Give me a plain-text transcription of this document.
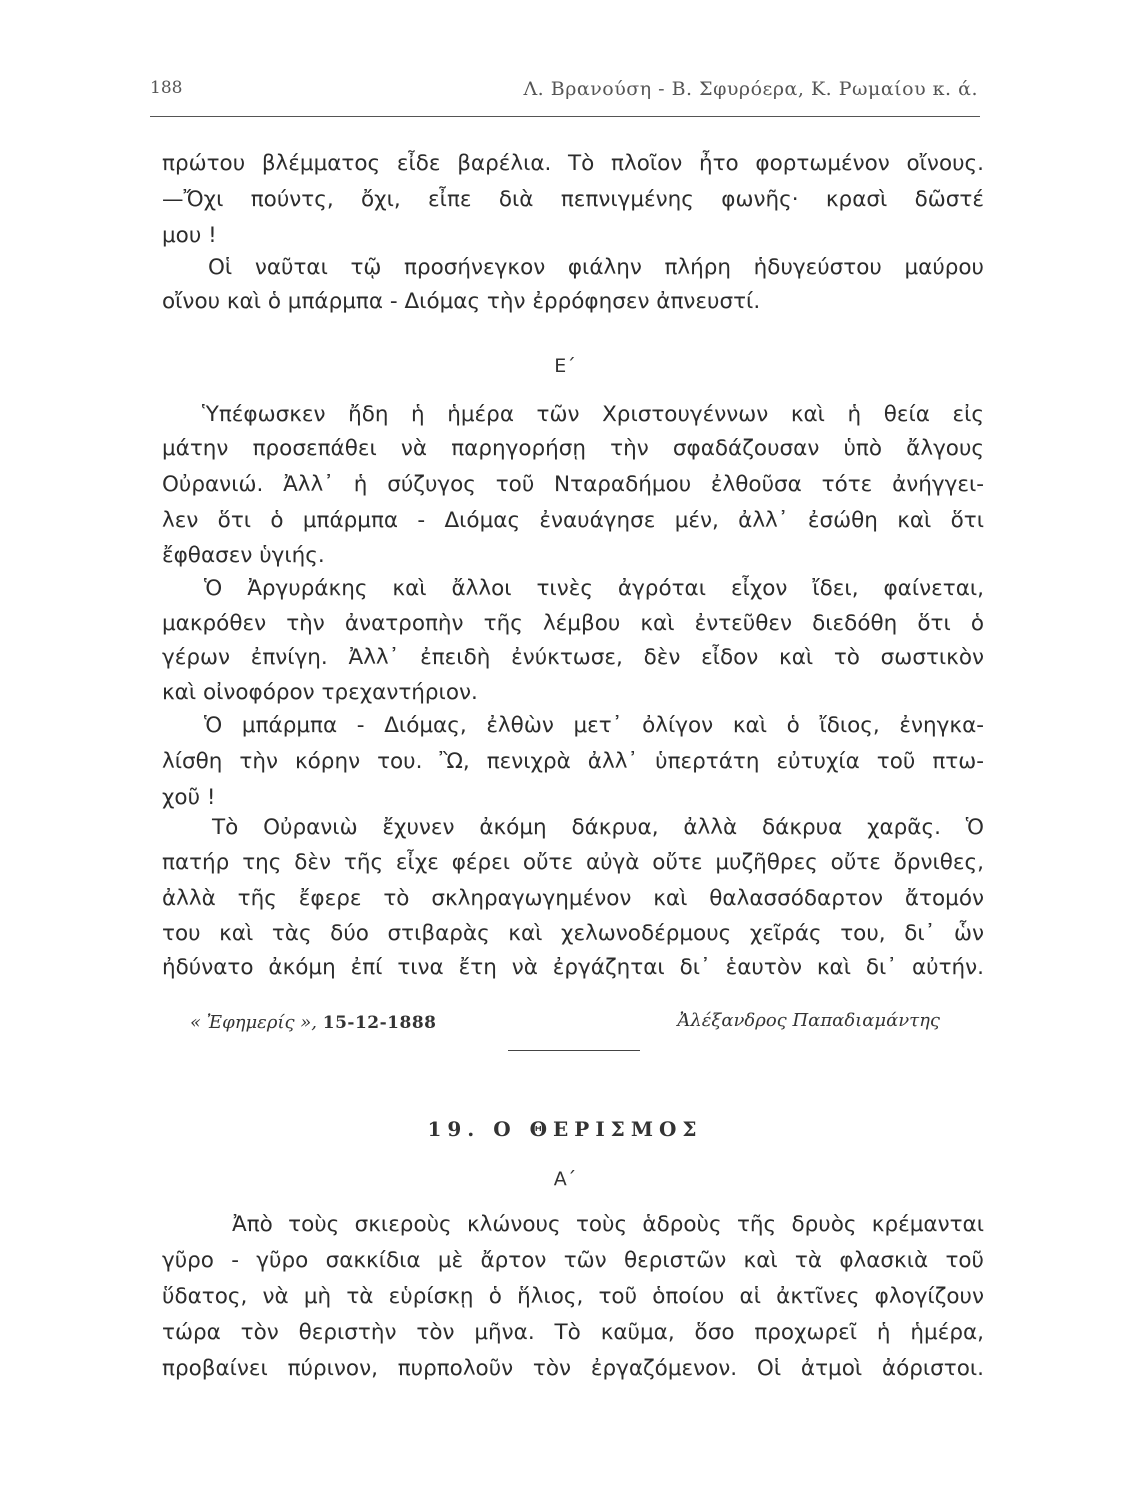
188	Λ. Βρανούση - Β. Σφυρόερα, Κ. Ρωμαίου κ. ά.
πρώτου βλέμματος εἶδε βαρέλια. Τὸ πλοῖον ἦτο φορτωμένον οἴνους.
—Ὄχι πούντς, ὄχι, εἶπε διὰ πεπνιγμένης φωνῆς· κρασὶ δῶστέ
μου !
Οἱ ναῦται τῷ προσήνεγκον φιάλην πλήρη ἡδυγεύστου μαύρου
οἴνου καὶ ὁ μπάρμπα - Διόμας τὴν ἐρρόφησεν ἀπνευστί.
Ε΄
Ὑπέφωσκεν ἤδη ἡ ἡμέρα τῶν Χριστουγέννων καὶ ἡ θεία εἰς
μάτην προσεπάθει νὰ παρηγορήσῃ τὴν σφαδάζουσαν ὑπὸ ἄλγους
Οὐρανιώ. Ἀλλ᾿ ἡ σύζυγος τοῦ Νταραδήμου ἐλθοῦσα τότε ἀνήγγει-
λεν ὅτι ὁ μπάρμπα - Διόμας ἐναυάγησε μέν, ἀλλ᾿ ἐσώθη καὶ ὅτι
ἔφθασεν ὑγιής.
Ὁ Ἀργυράκης καὶ ἄλλοι τινὲς ἀγρόται εἶχον ἴδει, φαίνεται,
μακρόθεν τὴν ἀνατροπὴν τῆς λέμβου καὶ ἐντεῦθεν διεδόθη ὅτι ὁ
γέρων ἐπνίγη. Ἀλλ᾿ ἐπειδὴ ἐνύκτωσε, δὲν εἶδον καὶ τὸ σωστικὸν
καὶ οἰνοφόρον τρεχαντήριον.
Ὁ μπάρμπα - Διόμας, ἐλθὼν μετ᾿ ὀλίγον καὶ ὁ ἴδιος, ἐνηγκα-
λίσθη τὴν κόρην του. Ὢ, πενιχρὰ ἀλλ᾿ ὑπερτάτη εὐτυχία τοῦ πτω-
χοῦ !
Τὸ Οὐρανιὼ ἔχυνεν ἀκόμη δάκρυα, ἀλλὰ δάκρυα χαρᾶς. Ὁ
πατήρ της δὲν τῆς εἶχε φέρει οὔτε αὐγὰ οὔτε μυζῆθρες οὔτε ὄρνιθες,
ἀλλὰ τῆς ἔφερε τὸ σκληραγωγημένον καὶ θαλασσόδαρτον ἄτομόν
του καὶ τὰς δύο στιβαρὰς καὶ χελωνοδέρμους χεῖράς του, δι᾿ ὧν
ἠδύνατο ἀκόμη ἐπί τινα ἔτη νὰ ἐργάζηται δι᾿ ἑαυτὸν καὶ δι᾿ αὐτήν.
« Ἐφημερίς », 15-12-1888	Ἀλέξανδρος Παπαδιαμάντης
19. Ο ΘΕΡΙΣΜΟΣ
Α΄
Ἀπὸ τοὺς σκιεροὺς κλώνους τοὺς ἁδροὺς τῆς δρυὸς κρέμανται
γῦρο - γῦρο σακκίδια μὲ ἄρτον τῶν θεριστῶν καὶ τὰ φλασκιὰ τοῦ
ὕδατος, νὰ μὴ τὰ εὑρίσκῃ ὁ ἥλιος, τοῦ ὁποίου αἱ ἀκτῖνες φλογίζουν
τώρα τὸν θεριστὴν τὸν μῆνα. Τὸ καῦμα, ὅσο προχωρεῖ ἡ ἡμέρα,
προβαίνει πύρινον, πυρπολοῦν τὸν ἐργαζόμενον. Οἱ ἀτμοὶ ἀόριστοι.
